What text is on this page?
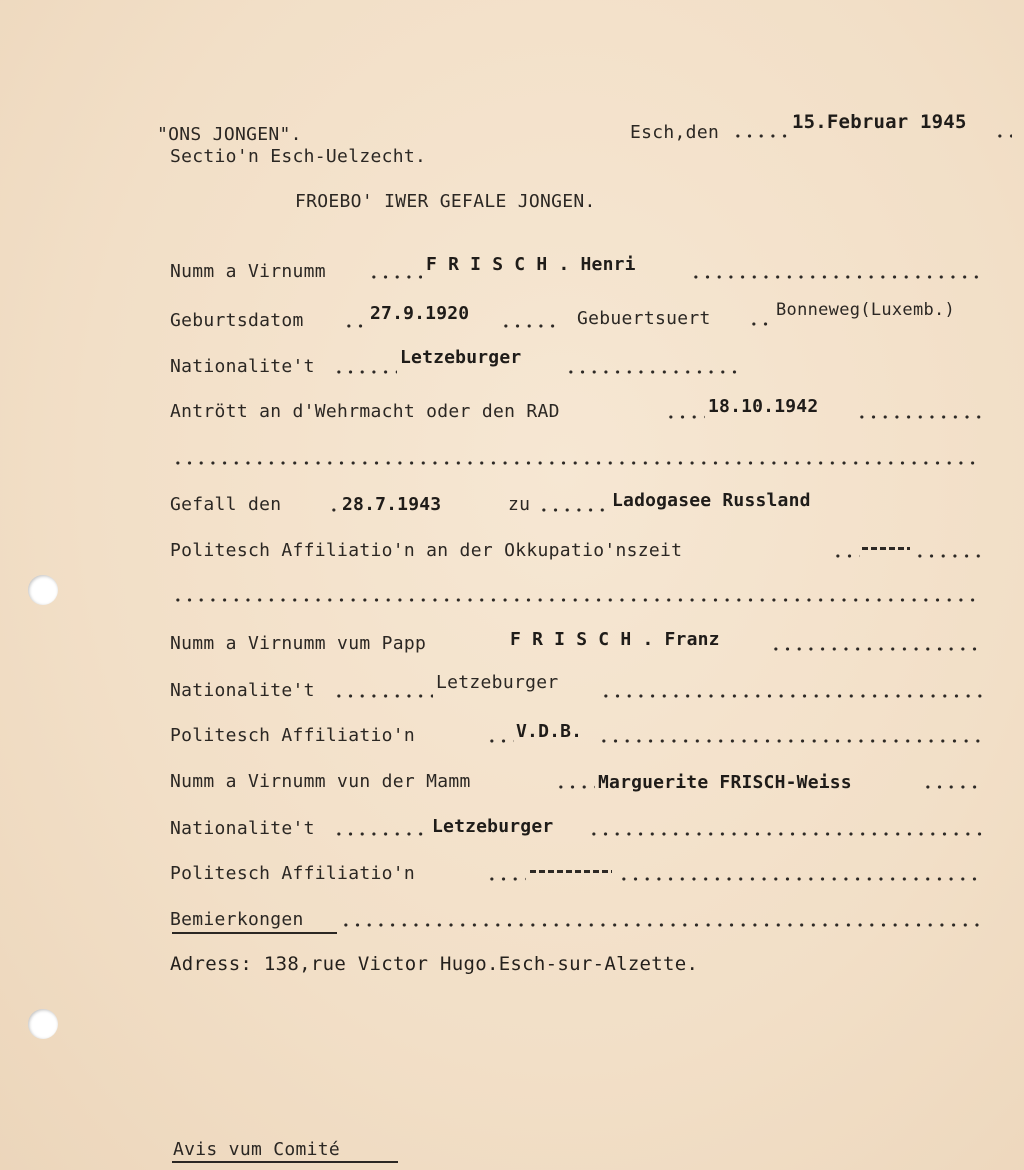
"ONS JONGEN".
Sectio'n Esch-Uelzecht.
Esch,den	15.Februar 1945
FROEBO' IWER GEFALE JONGEN.
Numm a Virnumm	F R I S C H . Henri
Geburtsdatom	27.9.1920	Gebuertsuert	Bonneweg(Luxemb.)
Nationalite't	Letzeburger
Antrött an d'Wehrmacht oder den RAD	18.10.1942
Gefall den	28.7.1943	zu	Ladogasee Russland
Politesch Affiliatio'n an der Okkupatio'nszeit
Numm a Virnumm vum Papp	F R I S C H . Franz
Nationalite't	Letzeburger
Politesch Affiliatio'n	V.D.B.
Numm a Virnumm vun der Mamm	Marguerite FRISCH-Weiss
Nationalite't	Letzeburger
Politesch Affiliatio'n
Bemierkongen
Adress: 138,rue Victor Hugo.Esch-sur-Alzette.
Avis vum Comité
